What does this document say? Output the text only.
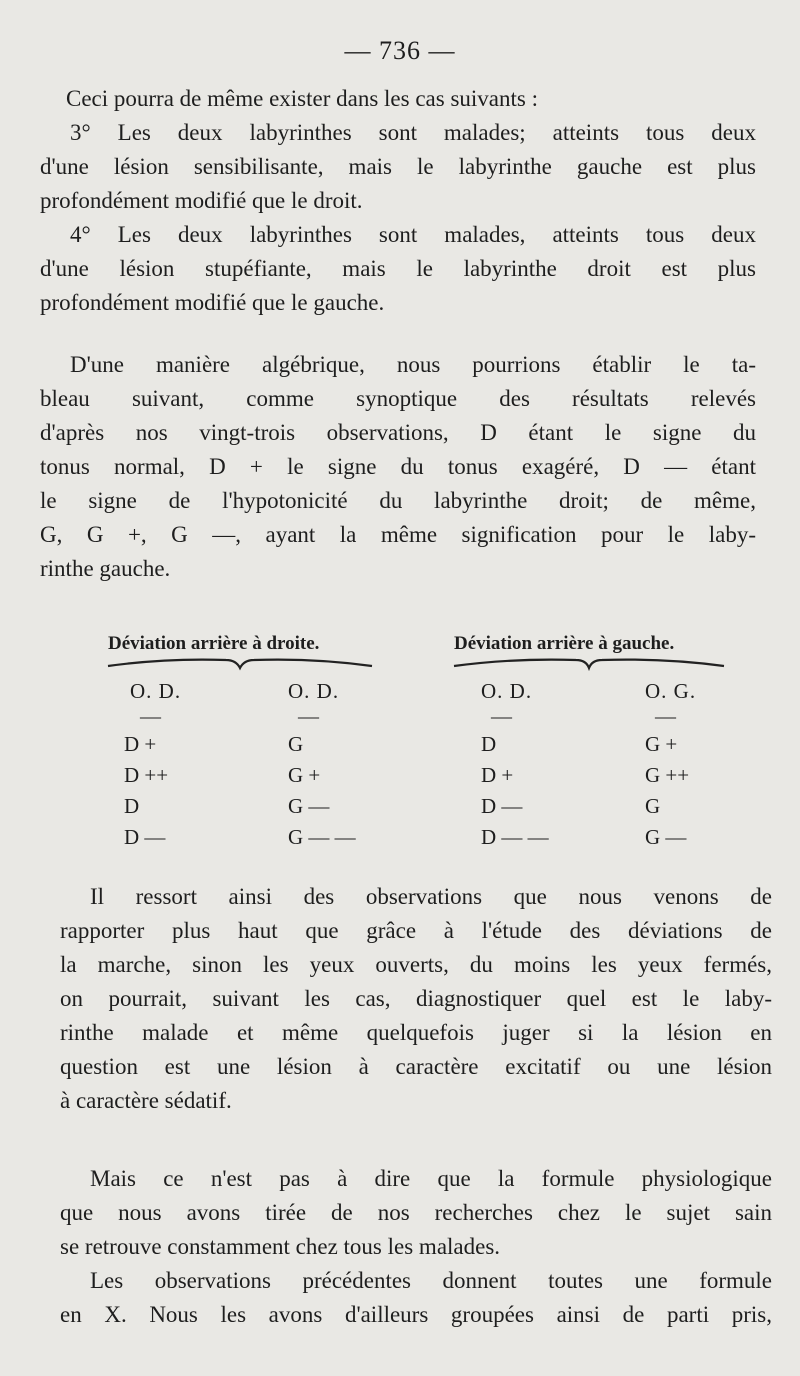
— 736 —
Ceci pourra de même exister dans les cas suivants :
3° Les deux labyrinthes sont malades; atteints tous deux
d'une lésion sensibilisante, mais le labyrinthe gauche est plus
profondément modifié que le droit.
4° Les deux labyrinthes sont malades, atteints tous deux
d'une lésion stupéfiante, mais le labyrinthe droit est plus
profondément modifié que le gauche.
D'une manière algébrique, nous pourrions établir le ta-
bleau suivant, comme synoptique des résultats relevés
d'après nos vingt-trois observations, D étant le signe du
tonus normal, D + le signe du tonus exagéré, D — étant
le signe de l'hypotonicité du labyrinthe droit; de même,
G, G +, G —, ayant la même signification pour le laby-
rinthe gauche.
Déviation arrière à droite.	Déviation arrière à gauche.
O. D.
—
D +
D ++
D
D —
O. D.
—
G
G +
G —
G — —
O. D.
—
D
D +
D —
D — —
O. G.
—
G +
G ++
G
G —
Il ressort ainsi des observations que nous venons de
rapporter plus haut que grâce à l'étude des déviations de
la marche, sinon les yeux ouverts, du moins les yeux fermés,
on pourrait, suivant les cas, diagnostiquer quel est le laby-
rinthe malade et même quelquefois juger si la lésion en
question est une lésion à caractère excitatif ou une lésion
à caractère sédatif.
Mais ce n'est pas à dire que la formule physiologique
que nous avons tirée de nos recherches chez le sujet sain
se retrouve constamment chez tous les malades.
Les observations précédentes donnent toutes une formule
en X. Nous les avons d'ailleurs groupées ainsi de parti pris,
